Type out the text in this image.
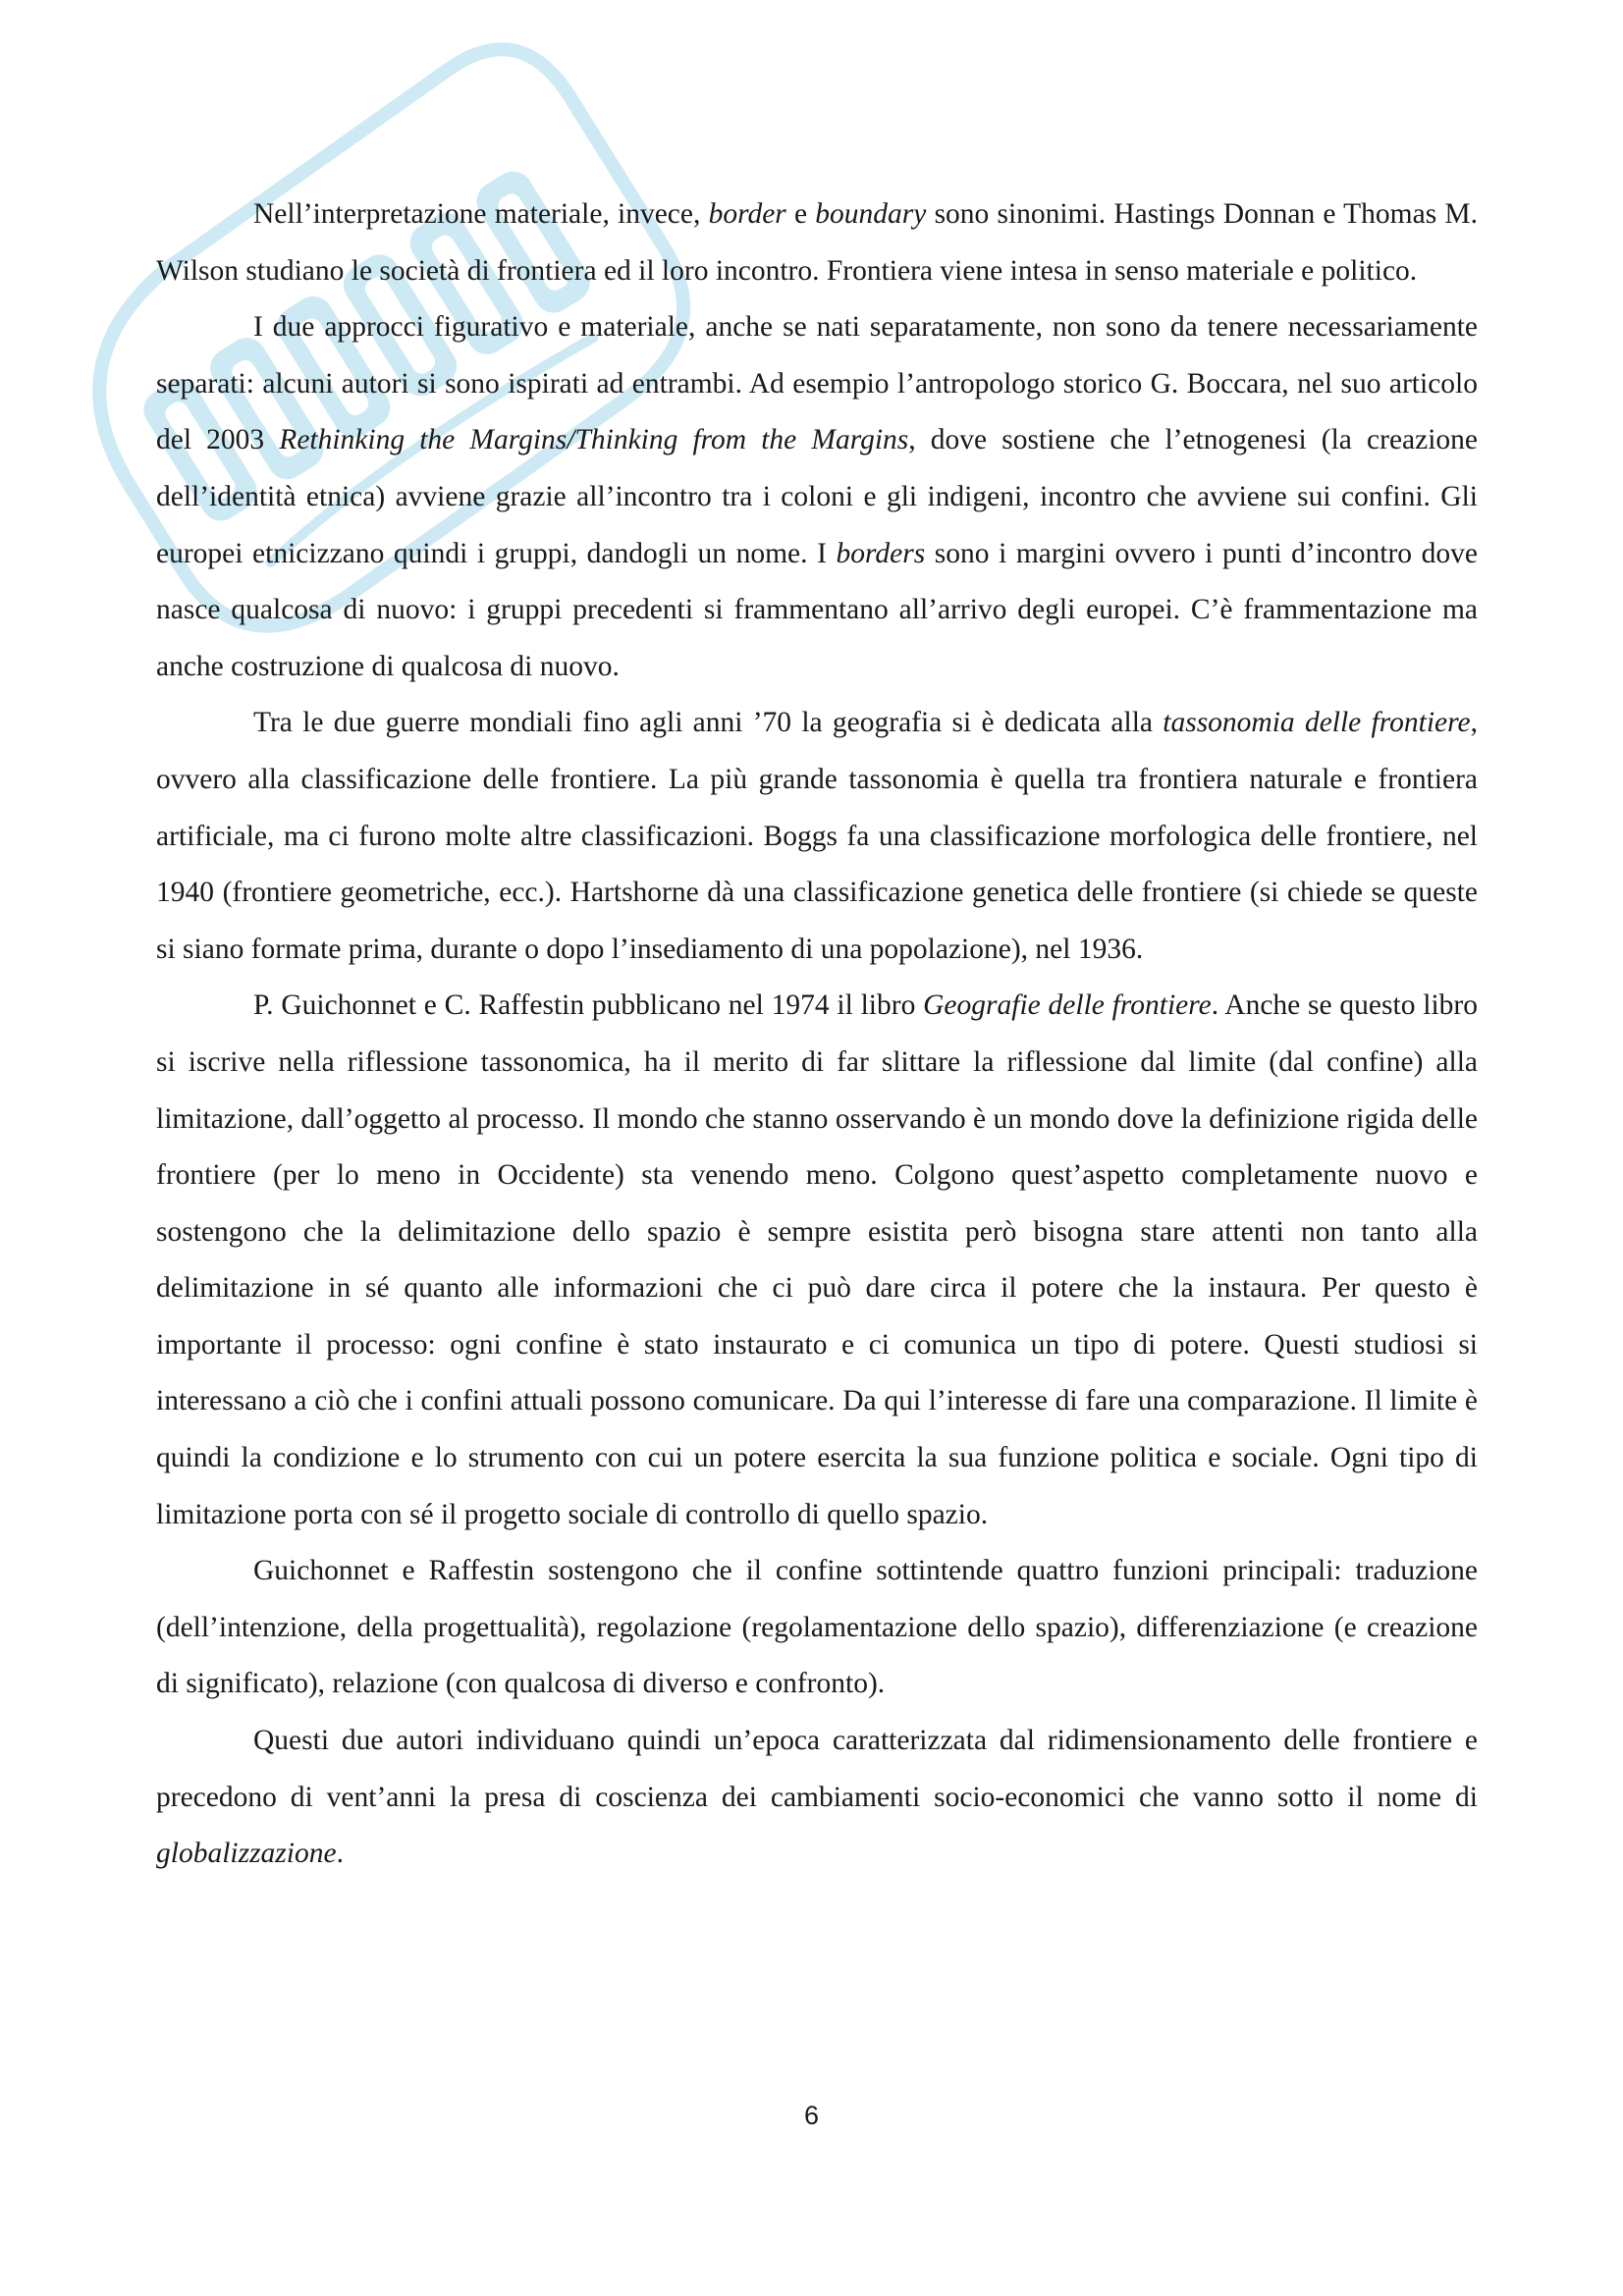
Nell’interpretazione materiale, invece, border e boundary sono sinonimi. Hastings Donnan e Thomas M. Wilson studiano le società di frontiera ed il loro incontro. Frontiera viene intesa in senso materiale e politico.

I due approcci figurativo e materiale, anche se nati separatamente, non sono da tenere necessariamente separati: alcuni autori si sono ispirati ad entrambi. Ad esempio l’antropologo storico G. Boccara, nel suo articolo del 2003 Rethinking the Margins/Thinking from the Margins, dove sostiene che l’etnogenesi (la creazione dell’identità etnica) avviene grazie all’incontro tra i coloni e gli indigeni, incontro che avviene sui confini. Gli europei etnicizzano quindi i gruppi, dandogli un nome. I borders sono i margini ovvero i punti d’incontro dove nasce qualcosa di nuovo: i gruppi precedenti si frammentano all’arrivo degli europei. C’è frammentazione ma anche costruzione di qualcosa di nuovo.

Tra le due guerre mondiali fino agli anni ’70 la geografia si è dedicata alla tassonomia delle frontiere, ovvero alla classificazione delle frontiere. La più grande tassonomia è quella tra frontiera naturale e frontiera artificiale, ma ci furono molte altre classificazioni. Boggs fa una classificazione morfologica delle frontiere, nel 1940 (frontiere geometriche, ecc.). Hartshorne dà una classificazione genetica delle frontiere (si chiede se queste si siano formate prima, durante o dopo l’insediamento di una popolazione), nel 1936.

P. Guichonnet e C. Raffestin pubblicano nel 1974 il libro Geografie delle frontiere. Anche se questo libro si iscrive nella riflessione tassonomica, ha il merito di far slittare la riflessione dal limite (dal confine) alla limitazione, dall’oggetto al processo. Il mondo che stanno osservando è un mondo dove la definizione rigida delle frontiere (per lo meno in Occidente) sta venendo meno. Colgono quest’aspetto completamente nuovo e sostengono che la delimitazione dello spazio è sempre esistita però bisogna stare attenti non tanto alla delimitazione in sé quanto alle informazioni che ci può dare circa il potere che la instaura. Per questo è importante il processo: ogni confine è stato instaurato e ci comunica un tipo di potere. Questi studiosi si interessano a ciò che i confini attuali possono comunicare. Da qui l’interesse di fare una comparazione. Il limite è quindi la condizione e lo strumento con cui un potere esercita la sua funzione politica e sociale. Ogni tipo di limitazione porta con sé il progetto sociale di controllo di quello spazio.

Guichonnet e Raffestin sostengono che il confine sottintende quattro funzioni principali: traduzione (dell’intenzione, della progettualità), regolazione (regolamentazione dello spazio), differenziazione (e creazione di significato), relazione (con qualcosa di diverso e confronto).

Questi due autori individuano quindi un’epoca caratterizzata dal ridimensionamento delle frontiere e precedono di vent’anni la presa di coscienza dei cambiamenti socio-economici che vanno sotto il nome di globalizzazione.

6
